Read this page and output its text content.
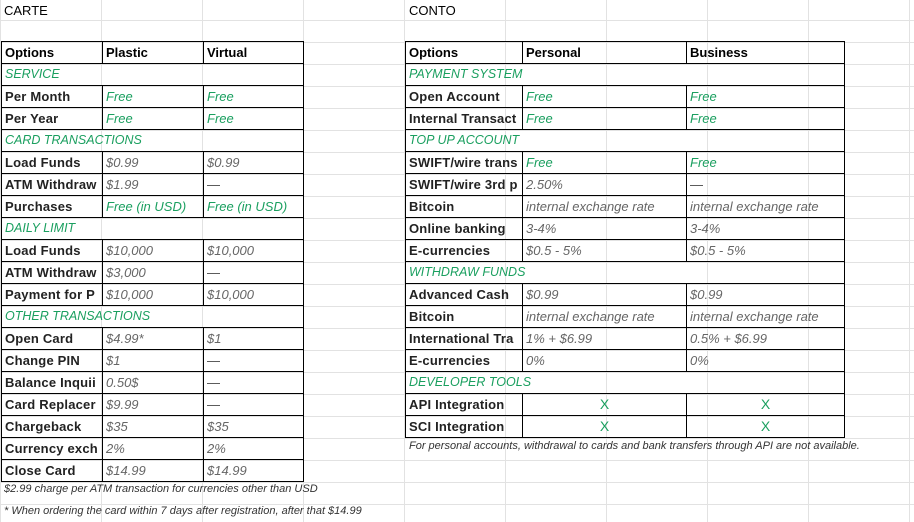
CARTE	CONTO
Options	Plastic	Virtual
SERVICE		
Per Month	Free	Free
Per Year	Free	Free
CARD TRANSACTIONS		
Load Funds	$0.99	$0.99
ATM Withdraw	$1.99	—
Purchases	Free (in USD)	Free (in USD)
DAILY LIMIT		
Load Funds	$10,000	$10,000
ATM Withdraw	$3,000	—
Payment for P	$10,000	$10,000
OTHER TRANSACTIONS		
Open Card	$4.99*	$1
Change PIN	$1	—
Balance Inquii	0.50$	—
Card Replacer	$9.99	—
Chargeback	$35	$35
Currency exch	2%	2%
Close Card	$14.99	$14.99
Options	Personal	Business
PAYMENT SYSTEM		
Open Account	Free	Free
Internal Transact	Free	Free
TOP UP ACCOUNT		
SWIFT/wire trans	Free	Free
SWIFT/wire 3rd p	2.50%	—
Bitcoin	internal exchange rate	internal exchange rate
Online banking	3-4%	3-4%
E-currencies	$0.5 - 5%	$0.5 - 5%
WITHDRAW FUNDS		
Advanced Cash	$0.99	$0.99
Bitcoin	internal exchange rate	internal exchange rate
International Tra	1% + $6.99	0.5% + $6.99
E-currencies	0%	0%
DEVELOPER TOOLS		
API Integration	X	X
SCI Integration	X	X
$2.99 charge per ATM transaction for currencies other than USD
* When ordering the card within 7 days after registration, after that $14.99
For personal accounts, withdrawal to cards and bank transfers through API are not available.
